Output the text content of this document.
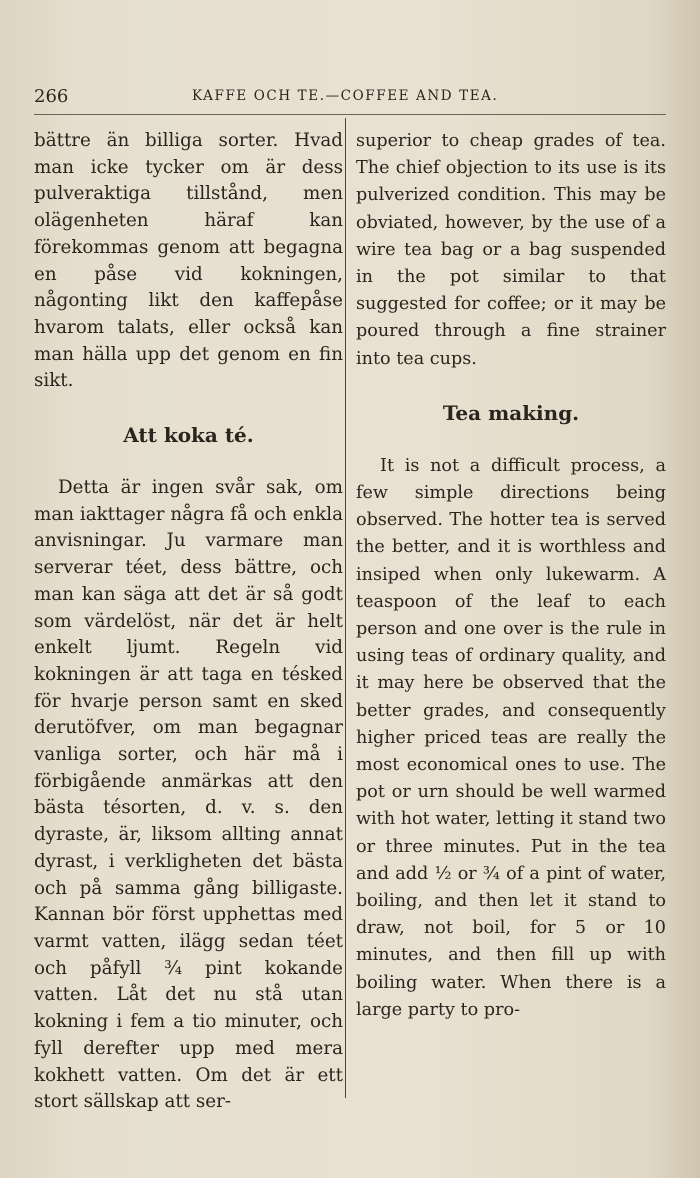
266	KAFFE OCH TE.—COFFEE AND TEA.

bättre än billiga sorter. Hvad man icke tycker om är dess pulveraktiga tillstånd, men olägenheten häraf kan förekommas genom att begagna en påse vid kokningen, någonting likt den kaffepåse hvarom talats, eller också kan man hälla upp det genom en fin sikt.

Att koka té.

Detta är ingen svår sak, om man iakttager några få och enkla anvisningar. Ju varmare man serverar téet, dess bättre, och man kan säga att det är så godt som värdelöst, när det är helt enkelt ljumt. Regeln vid kokningen är att taga en tésked för hvarje person samt en sked derutöfver, om man begagnar vanliga sorter, och här må i förbigående anmärkas att den bästa tésorten, d. v. s. den dyraste, är, liksom allting annat dyrast, i verkligheten det bästa och på samma gång billigaste. Kannan bör först upphettas med varmt vatten, ilägg sedan téet och påfyll ¾ pint kokande vatten. Låt det nu stå utan kokning i fem a tio minuter, och fyll derefter upp med mera kokhett vatten. Om det är ett stort sällskap att ser-

superior to cheap grades of tea. The chief objection to its use is its pulverized condition. This may be obviated, however, by the use of a wire tea bag or a bag suspended in the pot similar to that suggested for coffee; or it may be poured through a fine strainer into tea cups.

Tea making.

It is not a difficult process, a few simple directions being observed. The hotter tea is served the better, and it is worthless and insiped when only lukewarm. A teaspoon of the leaf to each person and one over is the rule in using teas of ordinary quality, and it may here be observed that the better grades, and consequently higher priced teas are really the most economical ones to use. The pot or urn should be well warmed with hot water, letting it stand two or three minutes. Put in the tea and add ½ or ¾ of a pint of water, boiling, and then let it stand to draw, not boil, for 5 or 10 minutes, and then fill up with boiling water. When there is a large party to pro-
